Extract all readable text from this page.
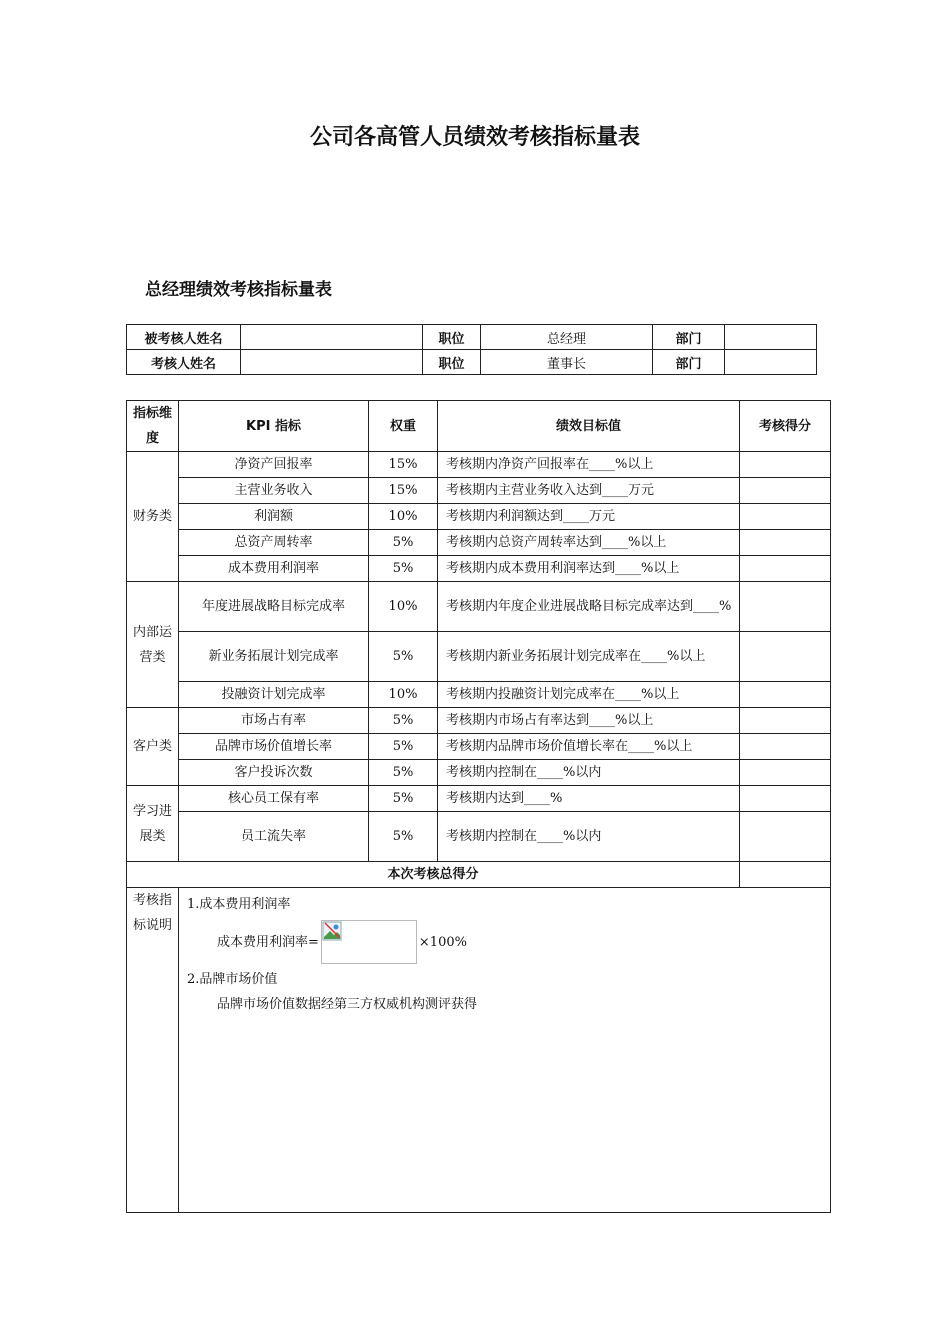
公司各高管人员绩效考核指标量表
总经理绩效考核指标量表
被考核人姓名		职位	总经理	部门	
考核人姓名		职位	董事长	部门	
指标维度	KPI 指标	权重	绩效目标值	考核得分
财务类	净资产回报率	15%	考核期内净资产回报率在____%以上	
	主营业务收入	15%	考核期内主营业务收入达到____万元	
	利润额	10%	考核期内利润额达到____万元	
	总资产周转率	5%	考核期内总资产周转率达到____%以上	
	成本费用利润率	5%	考核期内成本费用利润率达到____%以上	
内部运营类	年度进展战略目标完成率	10%	考核期内年度企业进展战略目标完成率达到____%	
	新业务拓展计划完成率	5%	考核期内新业务拓展计划完成率在____%以上	
	投融资计划完成率	10%	考核期内投融资计划完成率在____%以上	
客户类	市场占有率	5%	考核期内市场占有率达到____%以上	
	品牌市场价值增长率	5%	考核期内品牌市场价值增长率在____%以上	
	客户投诉次数	5%	考核期内控制在____%以内	
学习进展类	核心员工保有率	5%	考核期内达到____%	
	员工流失率	5%	考核期内控制在____%以内	
本次考核总得分				
考核指标说明	1.成本费用利润率
成本费用利润率= ×100%
2.品牌市场价值
品牌市场价值数据经第三方权威机构测评获得			
